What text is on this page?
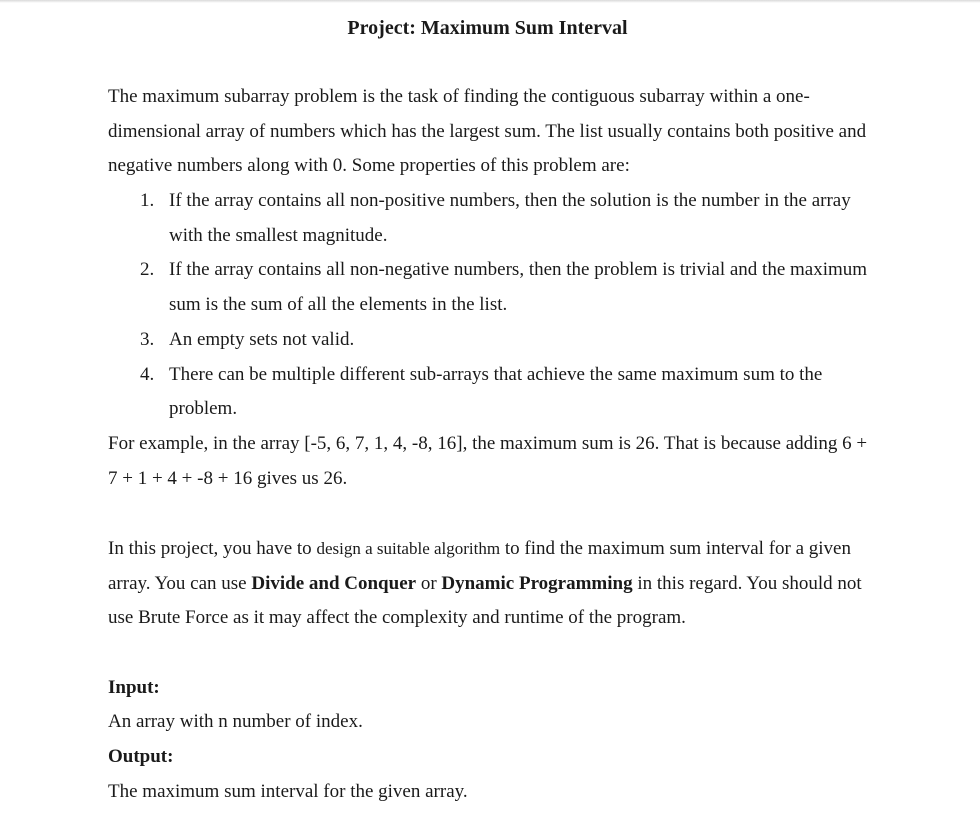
Project: Maximum Sum Interval
The maximum subarray problem is the task of finding the contiguous subarray within a one-dimensional array of numbers which has the largest sum. The list usually contains both positive and negative numbers along with 0. Some properties of this problem are:
1. If the array contains all non-positive numbers, then the solution is the number in the array with the smallest magnitude.
2. If the array contains all non-negative numbers, then the problem is trivial and the maximum sum is the sum of all the elements in the list.
3. An empty sets not valid.
4. There can be multiple different sub-arrays that achieve the same maximum sum to the problem.
For example, in the array [-5, 6, 7, 1, 4, -8, 16], the maximum sum is 26. That is because adding 6 + 7 + 1 + 4 + -8 + 16 gives us 26.
In this project, you have to design a suitable algorithm to find the maximum sum interval for a given array. You can use Divide and Conquer or Dynamic Programming in this regard. You should not use Brute Force as it may affect the complexity and runtime of the program.
Input:
An array with n number of index.
Output:
The maximum sum interval for the given array.
